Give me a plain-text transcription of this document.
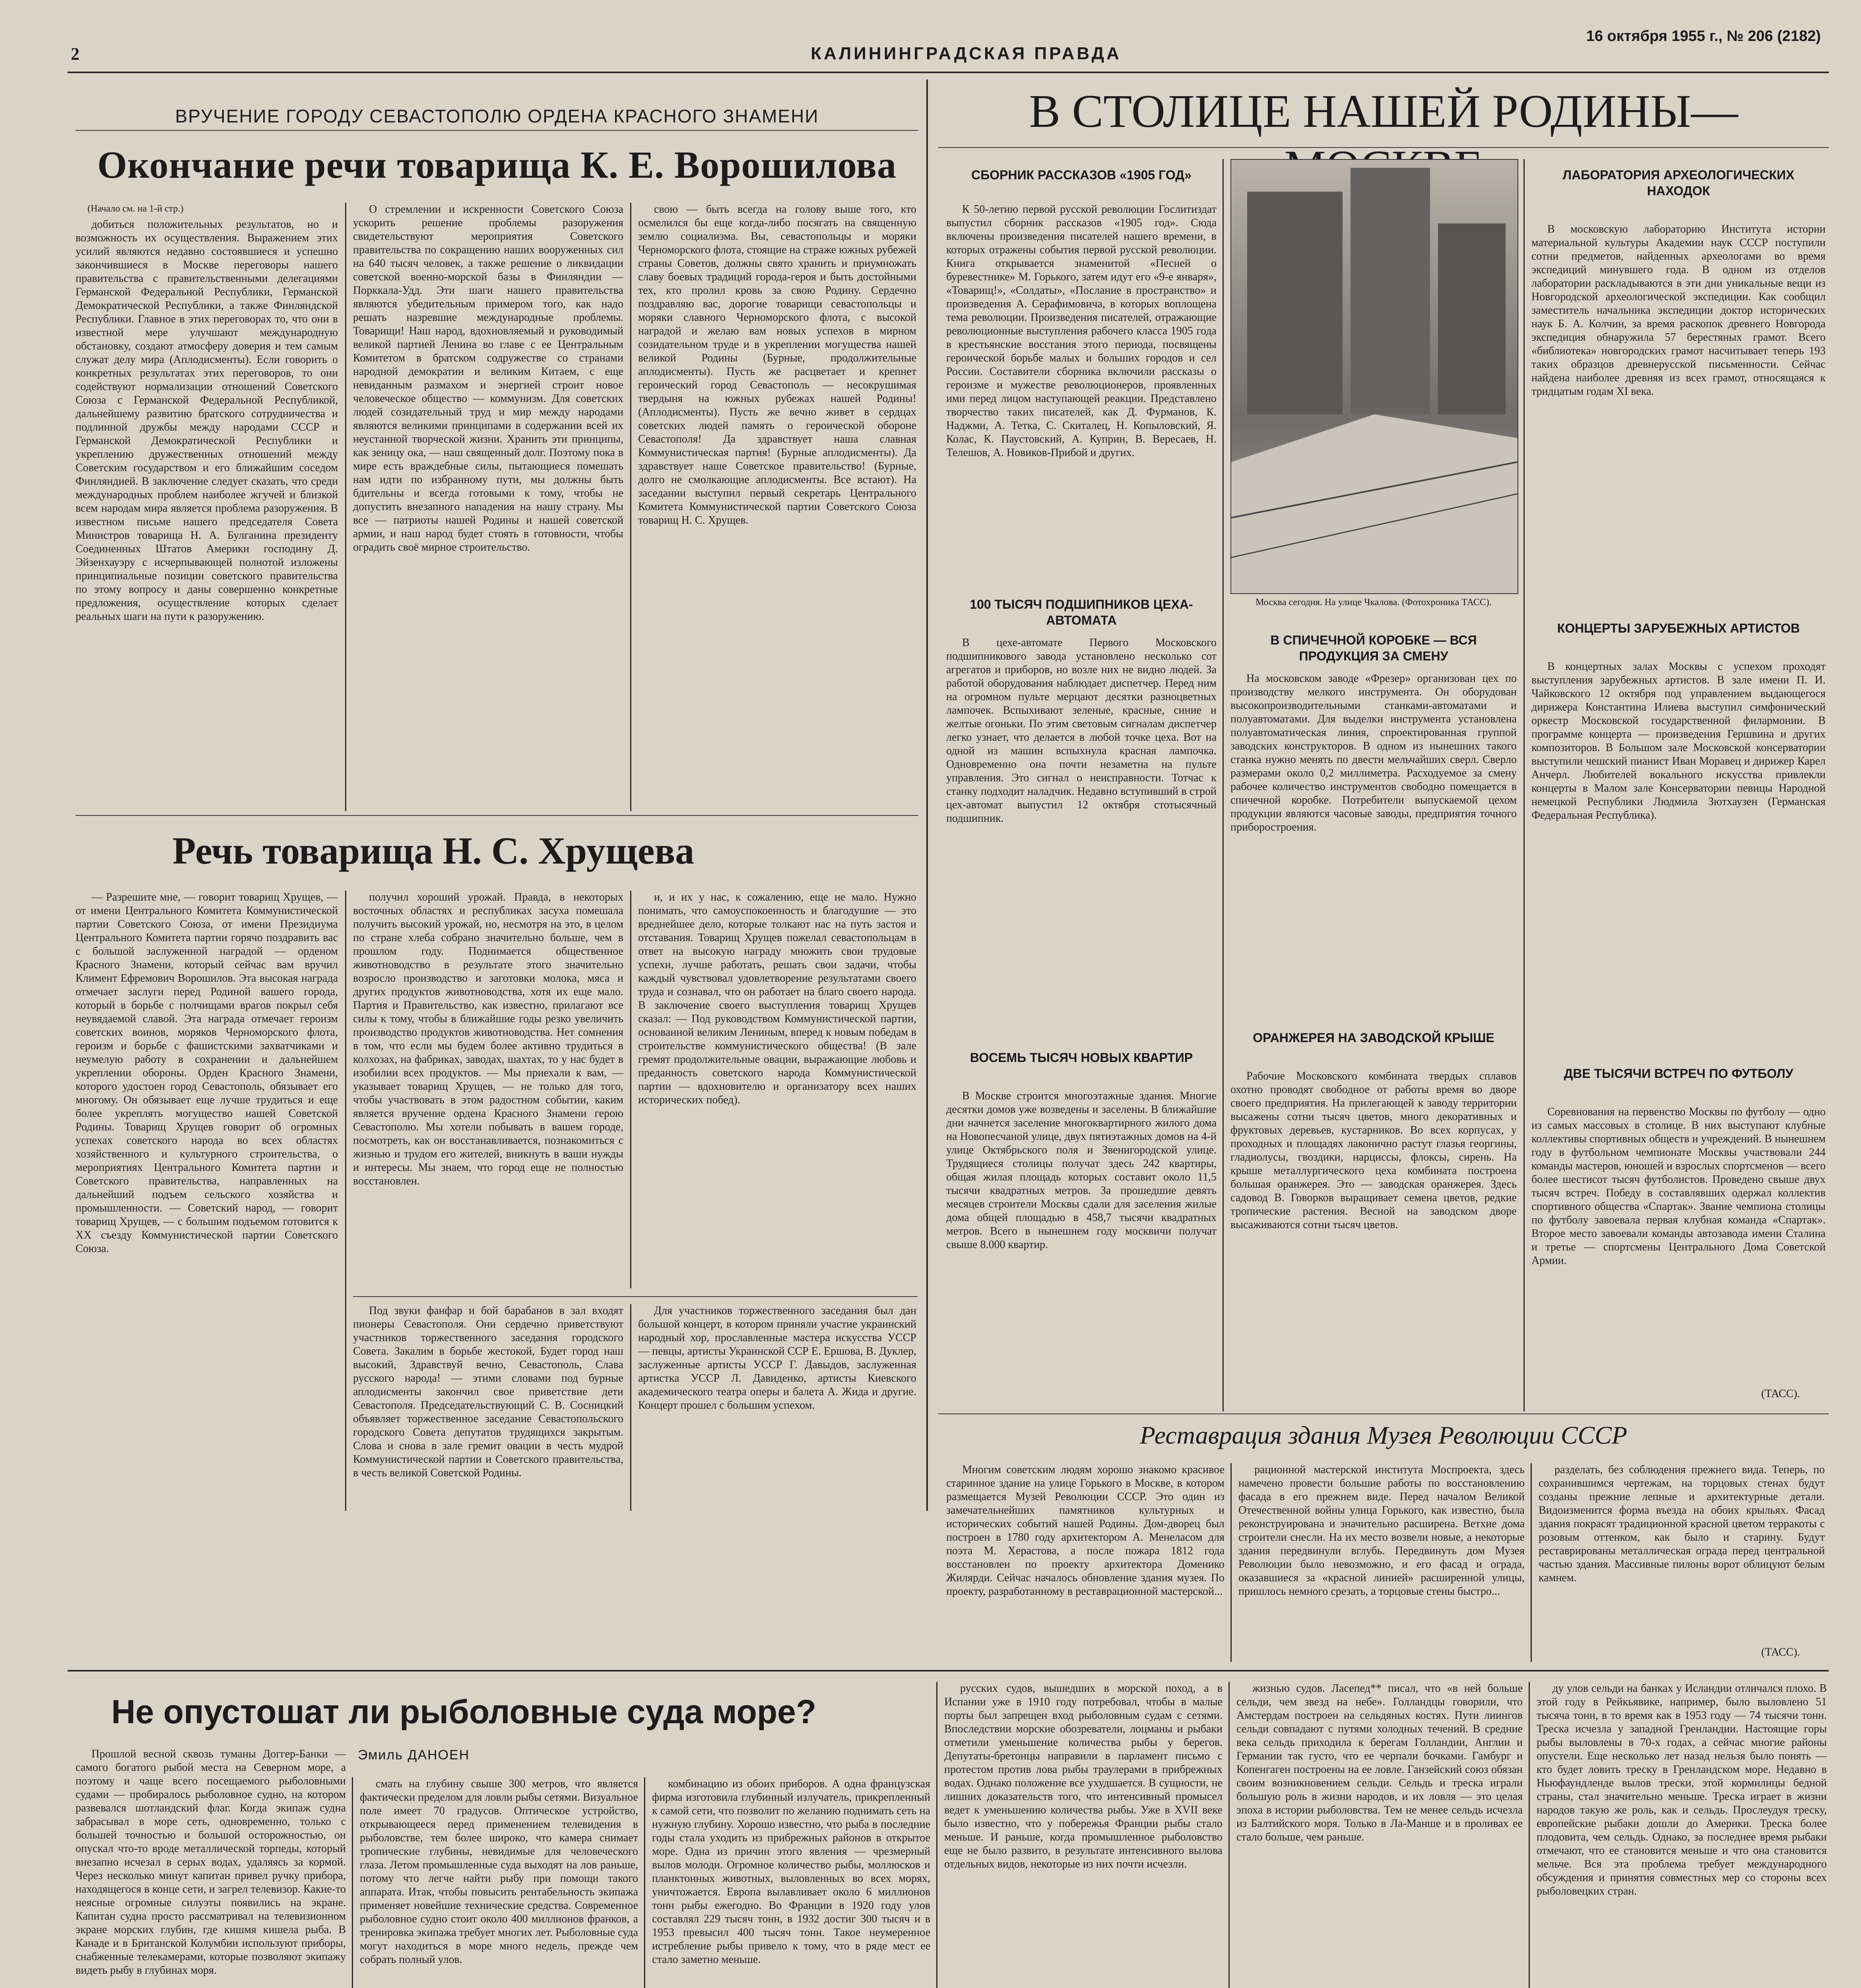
2	КАЛИНИНГРАДСКАЯ ПРАВДА
16 октября 1955 г., № 206 (2182)
ВРУЧЕНИЕ ГОРОДУ СЕВАСТОПОЛЮ ОРДЕНА КРАСНОГО ЗНАМЕНИ
Окончание речи товарища К. Е. Ворошилова
(Начало см. на 1-й стр.)

добиться положительных результатов, но и возможность их осуществления. Выражением этих усилий являются недавно состоявшиеся и успешно закончившиеся в Москве переговоры нашего правительства с правительственными делегациями Германской Федеральной Республики, Германской Демократической Республики, а также Финляндской Республики. Главное в этих переговорах то, что они в известной мере улучшают международную обстановку, создают атмосферу доверия и тем самым служат делу мира (Аплодисменты). Если говорить о конкретных результатах этих переговоров, то они содействуют нормализации отношений Советского Союза с Германской Федеральной Республикой, дальнейшему развитию братского сотрудничества и подлинной дружбы между народами СССР и Германской Демократической Республики и укреплению дружественных отношений между Советским государством и его ближайшим соседом Финляндией. В заключение следует сказать, что среди международных проблем наиболее жгучей и близкой всем народам мира является проблема разоружения. В известном письме нашего председателя Совета Министров товарища Н. А. Булганина президенту Соединенных Штатов Америки господину Д. Эйзенхауэру с исчерпывающей полнотой изложены принципиальные позиции советского правительства по этому вопросу и даны совершенно конкретные предложения, осуществление которых сделает реальных шаги на пути к разоружению.

О стремлении и искренности Советского Союза ускорить решение проблемы разоружения свидетельствуют мероприятия Советского правительства по сокращению наших вооруженных сил на 640 тысяч человек, а также решение о ликвидации советской военно-морской базы в Финляндии — Порккала-Удд. Эти шаги нашего правительства являются убедительным примером того, как надо решать назревшие международные проблемы. Товарищи! Наш народ, вдохновляемый и руководимый великой партией Ленина во главе с ее Центральным Комитетом в братском содружестве со странами народной демократии и великим Китаем, с еще невиданным размахом и энергией строит новое человеческое общество — коммунизм. Для советских людей созидательный труд и мир между народами являются великими принципами в содержании всей их неустанной творческой жизни. Хранить эти принципы, как зеницу ока, — наш священный долг. Поэтому пока в мире есть враждебные силы, пытающиеся помешать нам идти по избранному пути, мы должны быть бдительны и всегда готовыми к тому, чтобы не допустить внезапного нападения на нашу страну. Мы все — патриоты нашей Родины и нашей советской армии, и наш народ будет стоять в готовности, чтобы оградить своё мирное строительство.

свою — быть всегда на голову выше того, кто осмелился бы еще когда-либо посягать на священную землю социализма. Вы, севастопольцы и моряки Черноморского флота, стоящие на страже южных рубежей страны Советов, должны свято хранить и приумножать славу боевых традиций города-героя и быть достойными тех, кто пролил кровь за свою Родину. Сердечно поздравляю вас, дорогие товарищи севастопольцы и моряки славного Черноморского флота, с высокой наградой и желаю вам новых успехов в мирном созидательном труде и в укреплении могущества нашей великой Родины (Бурные, продолжительные аплодисменты). Пусть же расцветает и крепнет героический город Севастополь — несокрушимая твердыня на южных рубежах нашей Родины! (Аплодисменты). Пусть же вечно живет в сердцах советских людей память о героической обороне Севастополя! Да здравствует наша славная Коммунистическая партия! (Бурные аплодисменты). Да здравствует наше Советское правительство! (Бурные, долго не смолкающие аплодисменты. Все встают). На заседании выступил первый секретарь Центрального Комитета Коммунистической партии Советского Союза товарищ Н. С. Хрущев.

Речь товарища Н. С. Хрущева

— Разрешите мне, — говорит товарищ Хрущев, — от имени Центрального Комитета Коммунистической партии Советского Союза, от имени Президиума Центрального Комитета партии горячо поздравить вас с большой заслуженной наградой — орденом Красного Знамени, который сейчас вам вручил Климент Ефремович Ворошилов. Эта высокая награда отмечает заслуги перед Родиной вашего города, который в борьбе с полчищами врагов покрыл себя неувядаемой славой. Эта награда отмечает героизм советских воинов, моряков Черноморского флота, героизм и борьбе с фашистскими захватчиками и неумелую работу в сохранении и дальнейшем укреплении обороны. Орден Красного Знамени, которого удостоен город Севастополь, обязывает его многому. Он обязывает еще лучше трудиться и еще более укреплять могущество нашей Советской Родины. Товарищ Хрущев говорит об огромных успехах советского народа во всех областях хозяйственного и культурного строительства, о мероприятиях Центрального Комитета партии и Советского правительства, направленных на дальнейший подъем сельского хозяйства и промышленности. — Советский народ, — говорит товарищ Хрущев, — с большим подъемом готовится к XX съезду Коммунистической партии Советского Союза.

получил хороший урожай. Правда, в некоторых восточных областях и республиках засуха помешала получить высокий урожай, но, несмотря на это, в целом по стране хлеба собрано значительно больше, чем в прошлом году. Поднимается общественное животноводство в результате этого значительно возросло производство и заготовки молока, мяса и других продуктов животноводства, хотя их еще мало. Партия и Правительство, как известно, прилагают все силы к тому, чтобы в ближайшие годы резко увеличить производство продуктов животноводства. Нет сомнения в том, что если мы будем более активно трудиться в колхозах, на фабриках, заводах, шахтах, то у нас будет в изобилии всех продуктов. — Мы приехали к вам, — указывает товарищ Хрущев, — не только для того, чтобы участвовать в этом радостном событии, каким является вручение ордена Красного Знамени герою Севастополю. Мы хотели побывать в вашем городе, посмотреть, как он восстанавливается, познакомиться с жизнью и трудом его жителей, вникнуть в ваши нужды и интересы. Мы знаем, что город еще не полностью восстановлен.

и, и их у нас, к сожалению, еще не мало. Нужно понимать, что самоуспокоенность и благодушие — это вреднейшее дело, которые толкают нас на путь застоя и отставания. Товарищ Хрущев пожелал севастопольцам в ответ на высокую награду множить свои трудовые успехи, лучше работать, решать свои задачи, чтобы каждый чувствовал удовлетворение результатами своего труда и сознавал, что он работает на благо своего народа. В заключение своего выступления товарищ Хрущев сказал: — Под руководством Коммунистической партии, основанной великим Лениным, вперед к новым победам в строительстве коммунистического общества! (В зале гремят продолжительные овации, выражающие любовь и преданность советского народа Коммунистической партии — вдохновителю и организатору всех наших исторических побед).

Под звуки фанфар и бой барабанов в зал входят пионеры Севастополя. Они сердечно приветствуют участников торжественного заседания городского Совета. Закалим в борьбе жестокой, Будет город наш высокий, Здравствуй вечно, Севастополь, Слава русского народа! — этими словами под бурные аплодисменты закончил свое приветствие дети Севастополя. Председательствующий С. В. Сосницкий объявляет торжественное заседание Севастопольского городского Совета депутатов трудящихся закрытым. Слова и снова в зале гремит овации в честь мудрой Коммунистической партии и Советского правительства, в честь великой Советской Родины.

Для участников торжественного заседания был дан большой концерт, в котором приняли участие украинский народный хор, прославленные мастера искусства УССР — певцы, артисты Украинской ССР Е. Ершова, В. Дуклер, заслуженные артисты УССР Г. Давыдов, заслуженная артистка УССР Л. Давиденко, артисты Киевского академического театра оперы и балета А. Жида и другие. Концерт прошел с большим успехом.

В СТОЛИЦЕ НАШЕЙ РОДИНЫ—
СБОРНИК РАССКАЗОВ «1905 ГОД»

К 50-летию первой русской революции Гослитиздат выпустил сборник рассказов «1905 год». Сюда включены произведения писателей нашего времени, в которых отражены события первой русской революции. Книга открывается знаменитой «Песней о буревестнике» М. Горького, затем идут его «9-е января», «Товарищ!», «Солдаты», «Послание в пространство» и произведения А. Серафимовича, в которых воплощена тема революции. Произведения писателей, отражающие революционные выступления рабочего класса 1905 года в крестьянские восстания этого периода, посвящены героической борьбе малых и больших городов и сел России. Составители сборника включили рассказы о героизме и мужестве революционеров, проявленных ими перед лицом наступающей реакции. Представлено творчество таких писателей, как Д. Фурманов, К. Наджми, А. Тетка, С. Скиталец, Н. Копыловский, Я. Колас, К. Паустовский, А. Куприн, В. Вересаев, Н. Телешов, А. Новиков-Прибой и других.

100 ТЫСЯЧ ПОДШИПНИКОВ ЦЕХА-АВТОМАТА

В цехе-автомате Первого Московского подшипникового завода установлено несколько сот агрегатов и приборов, но возле них не видно людей. За работой оборудования наблюдает диспетчер. Перед ним на огромном пульте мерцают десятки разноцветных лампочек. Вспыхивают зеленые, красные, синие и желтые огоньки. По этим световым сигналам диспетчер легко узнает, что делается в любой точке цеха. Вот на одной из машин вспыхнула красная лампочка. Одновременно она почти незаметна на пульте управления. Это сигнал о неисправности. Тотчас к станку подходит наладчик. Недавно вступивший в строй цех-автомат выпустил 12 октября стотысячный подшипник.

ВОСЕМЬ ТЫСЯЧ НОВЫХ КВАРТИР

В Москве строится многоэтажные здания. Многие десятки домов уже возведены и заселены. В ближайшие дни начнется заселение многоквартирного жилого дома на Новопесчаной улице, двух пятиэтажных домов на 4-й улице Октябрьского поля и Звенигородской улице. Трудящиеся столицы получат здесь 242 квартиры, общая жилая площадь которых составит около 11,5 тысячи квадратных метров. За прошедшие девять месяцев строители Москвы сдали для заселения жилые дома общей площадью в 458,7 тысячи квадратных метров. Всего в нынешнем году москвичи получат свыше 8.000 квартир.

Москва сегодня. На улице Чкалова. (Фотохроника ТАСС).
В СПИЧЕЧНОЙ КОРОБКЕ — ВСЯ ПРОДУКЦИЯ ЗА СМЕНУ

На московском заводе «Фрезер» организован цех по производству мелкого инструмента. Он оборудован высокопроизводительными станками-автоматами и полуавтоматами. Для выделки инструмента установлена полуавтоматическая линия, спроектированная группой заводских конструкторов. В одном из нынешних такого станка нужно менять по двести мельчайших сверл. Сверло размерами около 0,2 миллиметра. Расходуемое за смену рабочее количество инструментов свободно помещается в спичечной коробке. Потребители выпускаемой цехом продукции являются часовые заводы, предприятия точного приборостроения.

ОРАНЖЕРЕЯ НА ЗАВОДСКОЙ КРЫШЕ

Рабочие Московского комбината твердых сплавов охотно проводят свободное от работы время во дворе своего предприятия. На прилегающей к заводу территории высажены сотни тысяч цветов, много декоративных и фруктовых деревьев, кустарников. Во всех корпусах, у проходных и площадях лаконично растут глазья георгины, гладиолусы, гвоздики, нарциссы, флоксы, сирень. На крыше металлургического цеха комбината построена большая оранжерея. Это — заводская оранжерея. Здесь садовод В. Говорков выращивает семена цветов, редкие тропические растения. Весной на заводском дворе высаживаются сотни тысяч цветов.

ЛАБОРАТОРИЯ АРХЕОЛОГИЧЕСКИХ НАХОДОК

В московскую лабораторию Института истории материальной культуры Академии наук СССР поступили сотни предметов, найденных археологами во время экспедиций минувшего года. В одном из отделов лаборатории раскладываются в эти дни уникальные вещи из Новгородской археологической экспедиции. Как сообщил заместитель начальника экспедиции доктор исторических наук Б. А. Колчин, за время раскопок древнего Новгорода экспедиция обнаружила 57 берестяных грамот. Всего «библиотека» новгородских грамот насчитывает теперь 193 таких образцов древнерусской письменности. Сейчас найдена наиболее древняя из всех грамот, относящаяся к тридцатым годам XI века.

КОНЦЕРТЫ ЗАРУБЕЖНЫХ АРТИСТОВ

В концертных залах Москвы с успехом проходят выступления зарубежных артистов. В зале имени П. И. Чайковского 12 октября под управлением выдающегося дирижера Константина Илиева выступил симфонический оркестр Московской государственной филармонии. В программе концерта — произведения Гершвина и других композиторов. В Большом зале Московской консерватории выступили чешский пианист Иван Моравец и дирижер Карел Анчерл. Любителей вокального искусства привлекли концерты в Малом зале Консерватории певицы Народной немецкой Республики Людмила Зютхаузен (Германская Федеральная Республика).

ДВЕ ТЫСЯЧИ ВСТРЕЧ ПО ФУТБОЛУ

Соревнования на первенство Москвы по футболу — одно из самых массовых в столице. В них выступают клубные коллективы спортивных обществ и учреждений. В нынешнем году в футбольном чемпионате Москвы участвовали 244 команды мастеров, юношей и взрослых спортсменов — всего более шестисот тысяч футболистов. Проведено свыше двух тысяч встреч. Победу в составлявших одержал коллектив спортивного общества «Спартак». Звание чемпиона столицы по футболу завоевала первая клубная команда «Спартак». Второе место завоевали команды автозавода имени Сталина и третье — спортсмены Центрального Дома Советской Армии.

(ТАСС).
Реставрация здания Музея Революции СССР

Многим советским людям хорошо знакомо красивое старинное здание на улице Горького в Москве, в котором размещается Музей Революции СССР. Это один из замечательнейших памятников культурных и исторических событий нашей Родины. Дом-дворец был построен в 1780 году архитектором А. Менеласом для поэта М. Херастова, а после пожара 1812 года восстановлен по проекту архитектора Доменико Жилярди. Сейчас началось обновление здания музея. По проекту, разработанному в реставрационной мастерской...

рационной мастерской института Моспроекта, здесь намечено провести большие работы по восстановлению фасада в его прежнем виде. Перед началом Великой Отечественной войны улица Горького, как известно, была реконструирована и значительно расширена. Ветхие дома строители снесли. На их место возвели новые, а некоторые здания передвинули вглубь. Передвинуть дом Музея Революции было невозможно, и его фасад и ограда, оказавшиеся за «красной линией» расширенной улицы, пришлось немного срезать, а торцовые стены быстро...

разделать, без соблюдения прежнего вида. Теперь, по сохранившимся чертежам, на торцовых стенах будут созданы прежние лепные и архитектурные детали. Видоизменится форма въезда на обоих крыльях. Фасад здания покрасят традиционной красной цветом терракоты с розовым оттенком, как было и старину. Будут реставрированы металлическая ограда перед центральной частью здания. Массивные пилоны ворот облицуют белым камнем.

(ТАСС).
Не опустошат ли рыболовные суда море?
Эмиль ДАНОЕН

Прошлой весной сквозь туманы Доггер-Банки — самого богатого рыбой места на Северном море, а поэтому и чаще всего посещаемого рыболовными судами — пробиралось рыболовное судно, на котором развевался шотландский флаг. Когда экипаж судна забрасывал в море сеть, одновременно, только с большей точностью и большой осторожностью, он опускал что-то вроде металлической торпеды, который внезапно исчезал в серых водах, удаляясь за кормой. Через несколько минут капитан привел ручку прибора, находящегося в конце сети, и загрел телевизор. Какие-то неясные огромные силуэты появились на экране. Капитан судна просто рассматривал на телевизионном экране морских глубин, где кишмя кишела рыба. В Канаде и в Британской Колумбии используют приборы, снабженные телекамерами, которые позволяют экипажу видеть рыбу в глубинах моря.

смать на глубину свыше 300 метров, что является фактически пределом для ловли рыбы сетями. Визуальное поле имеет 70 градусов. Оптическое устройство, открывающееся перед применением телевидения в рыболовстве, тем более широко, что камера снимает тропические глубины, невидимые для человеческого глаза. Летом промышленные суда выходят на лов раньше, потому что легче найти рыбу при помощи такого аппарата. Итак, чтобы повысить рентабельность экипажа применяет новейшие технические средства. Современное рыболовное судно стоит около 400 миллионов франков, а тренировка экипажа требует многих лет. Рыболовные суда могут находиться в море много недель, прежде чем собрать полный улов.

комбинацию из обоих приборов. А одна французская фирма изготовила глубинный излучатель, прикрепленный к самой сети, что позволит по желанию поднимать сеть на нужную глубину. Хорошо известно, что рыба в последние годы стала уходить из прибрежных районов в открытое море. Одна из причин этого явления — чрезмерный вылов молоди. Огромное количество рыбы, моллюсков и планктонных животных, выловленных во всех морях, уничтожается. Европа вылавливает около 6 миллионов тонн рыбы ежегодно. Во Франции в 1920 году улов составлял 229 тысяч тонн, в 1932 достиг 300 тысяч и в 1953 превысил 400 тысяч тонн. Такое неумеренное истребление рыбы привело к тому, что в ряде мест ее стало заметно меньше.

русских судов, вышедших в морской поход, а в Испании уже в 1910 году потребовал, чтобы в малые порты был запрещен вход рыболовным судам с сетями. Впоследствии морские обозреватели, лоцманы и рыбаки отметили уменьшение количества рыбы у берегов. Депутаты-бретонцы направили в парламент письмо с протестом против лова рыбы траулерами в прибрежных водах. Однако положение все ухудшается. В сущности, не лишних доказательств того, что интенсивный промысел ведет к уменьшению количества рыбы. Уже в XVII веке было известно, что у побережья Франции рыбы стало меньше. И раньше, когда промышленное рыболовство еще не было развито, в результате интенсивного вылова отдельных видов, некоторые из них почти исчезли.

жизнью судов. Ласепед** писал, что «в ней больше сельди, чем звезд на небе». Голландцы говорили, что Амстердам построен на сельдяных костях. Пути лиингов сельди совпадают с путями холодных течений. В средние века сельдь приходила к берегам Голландии, Англии и Германии так густо, что ее черпали бочками. Гамбург и Копенгаген построены на ее ловле. Ганзейский союз обязан своим возникновением сельди. Сельдь и треска играли большую роль в жизни народов, и их ловля — это целая эпоха в истории рыболовства. Тем не менее сельдь исчезла из Балтийского моря. Только в Ла-Манше и в проливах ее стало больше, чем раньше.

ду улов сельди на банках у Исландии отличался плохо. В этой году в Рейкьявике, например, было выловлено 51 тысяча тонн, в то время как в 1953 году — 74 тысячи тонн. Треска исчезла у западной Гренландии. Настоящие горы рыбы выловлены в 70-х годах, а сейчас многие районы опустели. Еще несколько лет назад нельзя было понять — кто будет ловить треску в Гренландском море. Недавно в Ньюфаундленде вылов трески, этой кормилицы бедной страны, стал значительно меньше. Треска играет в жизни народов такую же роль, как и сельдь. Прослеудуя треску, европейские рыбаки дошли до Америки. Треска более плодовита, чем сельдь. Однако, за последнее время рыбаки отмечают, что ее становится меньше и что она становится мельче. Вся эта проблема требует международного обсуждения и принятия совместных мер со стороны всех рыболовецких стран.
